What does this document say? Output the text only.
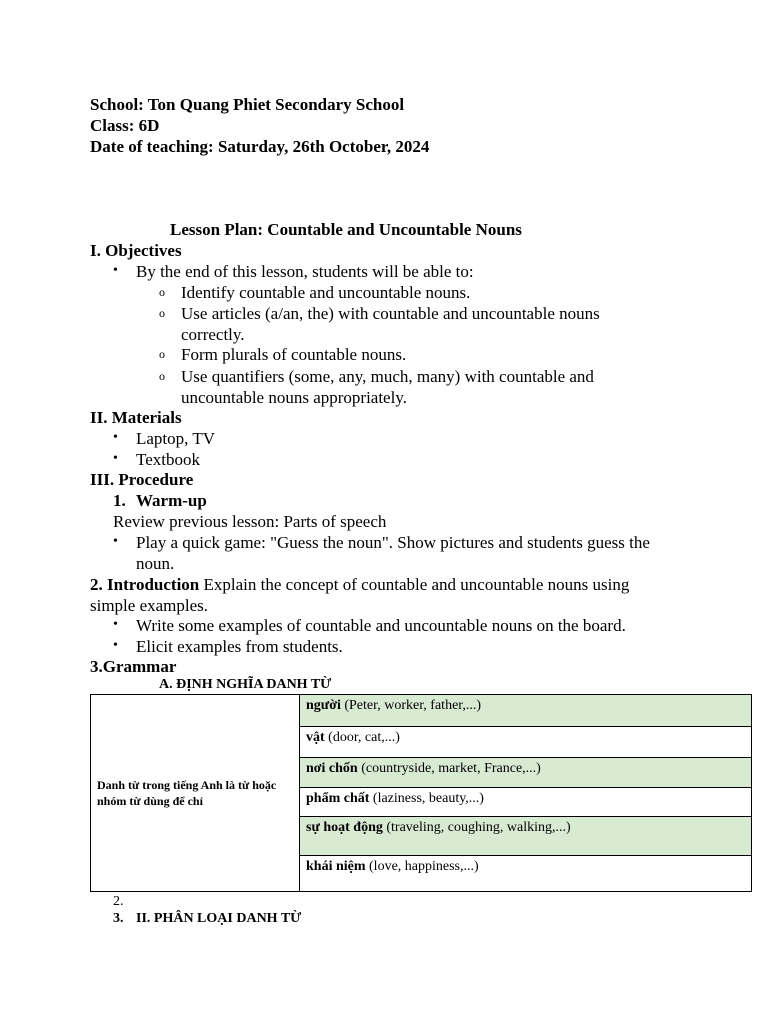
School: Ton Quang Phiet Secondary School
Class: 6D
Date of teaching: Saturday, 26th October, 2024
Lesson Plan: Countable and Uncountable Nouns
I. Objectives
• By the end of this lesson, students will be able to:
o Identify countable and uncountable nouns.
o Use articles (a/an, the) with countable and uncountable nouns
correctly.
o Form plurals of countable nouns.
o Use quantifiers (some, any, much, many) with countable and
uncountable nouns appropriately.
II. Materials
• Laptop, TV
• Textbook
III. Procedure
1. Warm-up
Review previous lesson: Parts of speech
• Play a quick game: "Guess the noun". Show pictures and students guess the
noun.
2. Introduction Explain the concept of countable and uncountable nouns using
simple examples.
• Write some examples of countable and uncountable nouns on the board.
• Elicit examples from students.
3.Grammar
A. ĐỊNH NGHĨA DANH TỪ
Danh từ trong tiếng Anh là từ hoặc nhóm từ dùng để chỉ	người (Peter, worker, father,...)
vật (door, cat,...)
nơi chốn (countryside, market, France,...)
phẩm chất (laziness, beauty,...)
sự hoạt động (traveling, coughing, walking,...)
khái niệm (love, happiness,...)
2.
3. II. PHÂN LOẠI DANH TỪ
